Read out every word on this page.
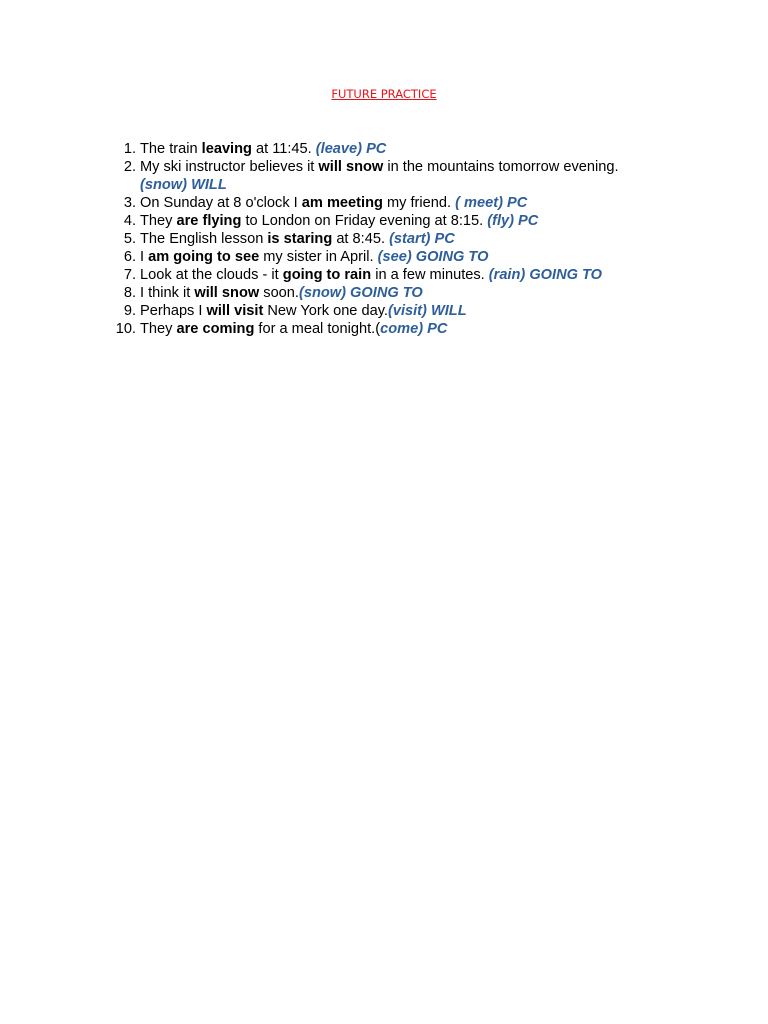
FUTURE PRACTICE
1. The train leaving at 11:45. (leave) PC
2. My ski instructor believes it will snow in the mountains tomorrow evening. (snow) WILL
3. On Sunday at 8 o'clock I am meeting my friend. ( meet) PC
4. They are flying to London on Friday evening at 8:15. (fly) PC
5. The English lesson is staring at 8:45. (start) PC
6. I am going to see my sister in April. (see) GOING TO
7. Look at the clouds - it going to rain in a few minutes. (rain) GOING TO
8. I think it will snow soon.(snow) GOING TO
9. Perhaps I will visit New York one day.(visit) WILL
10. They are coming for a meal tonight.(come) PC
